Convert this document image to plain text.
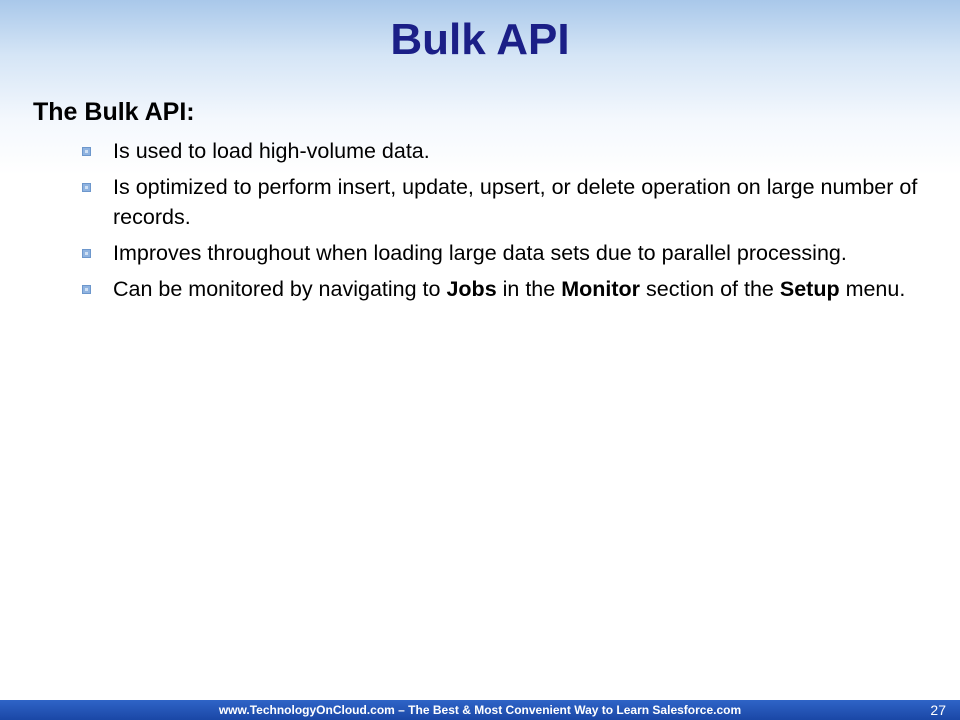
Bulk API
The Bulk API:
Is used to load high-volume data.
Is optimized to perform insert, update, upsert, or delete operation on large number of records.
Improves throughout when loading large data sets due to parallel processing.
Can be monitored by navigating to Jobs in the Monitor section of the Setup menu.
www.TechnologyOnCloud.com – The Best & Most Convenient Way to Learn Salesforce.com	27
